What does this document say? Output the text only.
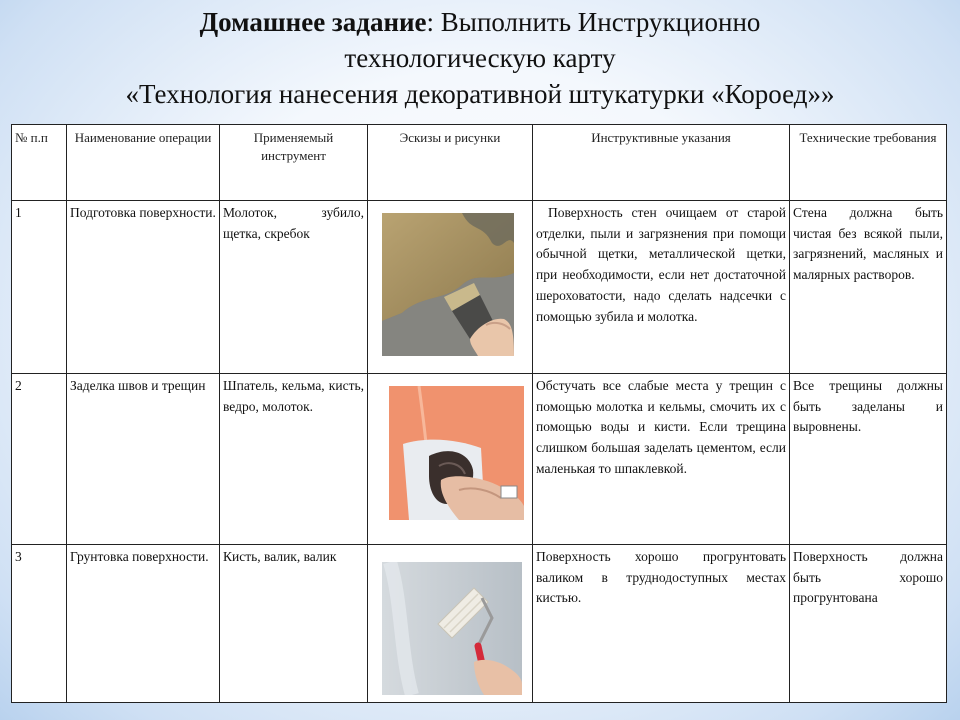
Домашнее задание: Выполнить Инструкционно
технологическую карту
«Технология нанесения декоративной штукатурки «Короед»»
№ п.п	Наименование операции	Применяемый инструмент	Эскизы и рисунки	Инструктивные указания	Технические требования
1	Подготовка поверхности.	Молоток, зубило, щетка, скребок		Поверхность стен очищаем от старой отделки, пыли и загрязнения при помощи обычной щетки, металлической щетки, при необходимости, если нет достаточной шероховатости, надо сделать надсечки с помощью зубила и молотка.	Стена должна быть чистая без всякой пыли, загрязнений, масляных и малярных растворов.
2	Заделка швов и трещин	Шпатель, кельма, кисть, ведро, молоток.		Обстучать все слабые места у трещин с помощью молотка и кельмы, смочить их с помощью воды и кисти. Если трещина слишком большая заделать цементом, если маленькая то шпаклевкой.	Все трещины должны быть заделаны и выровнены.
3	Грунтовка поверхности.	Кисть, валик, валик		Поверхность хорошо прогрунтовать валиком в труднодоступных местах кистью.	Поверхность должна быть хорошо прогрунтована
